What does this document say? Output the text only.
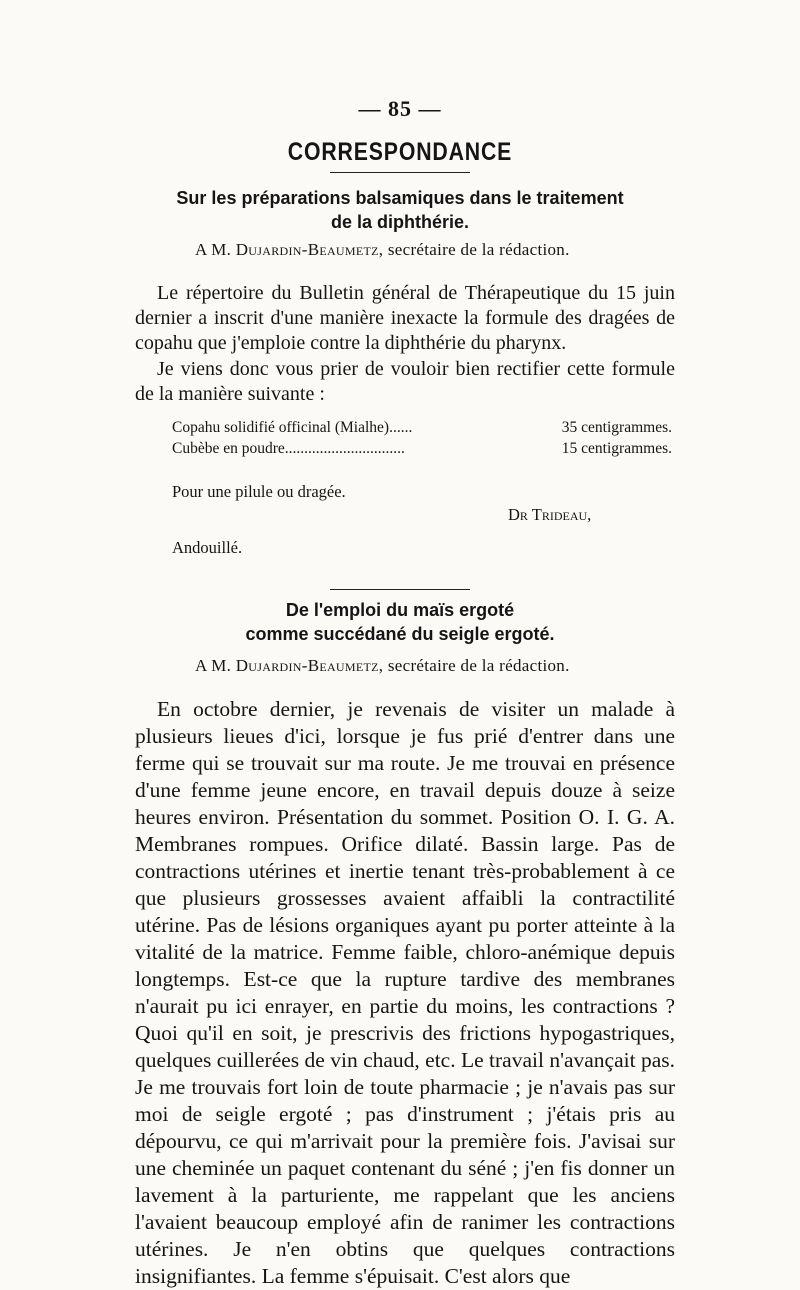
— 85 —
CORRESPONDANCE
Sur les préparations balsamiques dans le traitement
de la diphthérie.
A M. Dujardin-Beaumetz, secrétaire de la rédaction.

Le répertoire du Bulletin général de Thérapeutique du 15 juin dernier a inscrit d'une manière inexacte la formule des dragées de copahu que j'emploie contre la diphthérie du pharynx.

Je viens donc vous prier de vouloir bien rectifier cette formule de la manière suivante :

Copahu solidifié officinal (Mialhe)......	35 centigrammes.
Cubèbe en poudre...............................	15 centigrammes.
Pour une pilule ou dragée.
Dr Trideau,
Andouillé.
De l'emploi du maïs ergoté
comme succédané du seigle ergoté.
A M. Dujardin-Beaumetz, secrétaire de la rédaction.

En octobre dernier, je revenais de visiter un malade à plusieurs lieues d'ici, lorsque je fus prié d'entrer dans une ferme qui se trouvait sur ma route. Je me trouvai en présence d'une femme jeune encore, en travail depuis douze à seize heures environ. Présentation du sommet. Position O. I. G. A. Membranes rompues. Orifice dilaté. Bassin large. Pas de contractions utérines et inertie tenant très-probablement à ce que plusieurs grossesses avaient affaibli la contractilité utérine. Pas de lésions organiques ayant pu porter atteinte à la vitalité de la matrice. Femme faible, chloro-anémique depuis longtemps. Est-ce que la rupture tardive des membranes n'aurait pu ici enrayer, en partie du moins, les contractions ? Quoi qu'il en soit, je prescrivis des frictions hypogastriques, quelques cuillerées de vin chaud, etc. Le travail n'avançait pas. Je me trouvais fort loin de toute pharmacie ; je n'avais pas sur moi de seigle ergoté ; pas d'instrument ; j'étais pris au dépourvu, ce qui m'arrivait pour la première fois. J'avisai sur une cheminée un paquet contenant du séné ; j'en fis donner un lavement à la parturiente, me rappelant que les anciens l'avaient beaucoup employé afin de ranimer les contractions utérines. Je n'en obtins que quelques contractions insignifiantes. La femme s'épuisait. C'est alors que
